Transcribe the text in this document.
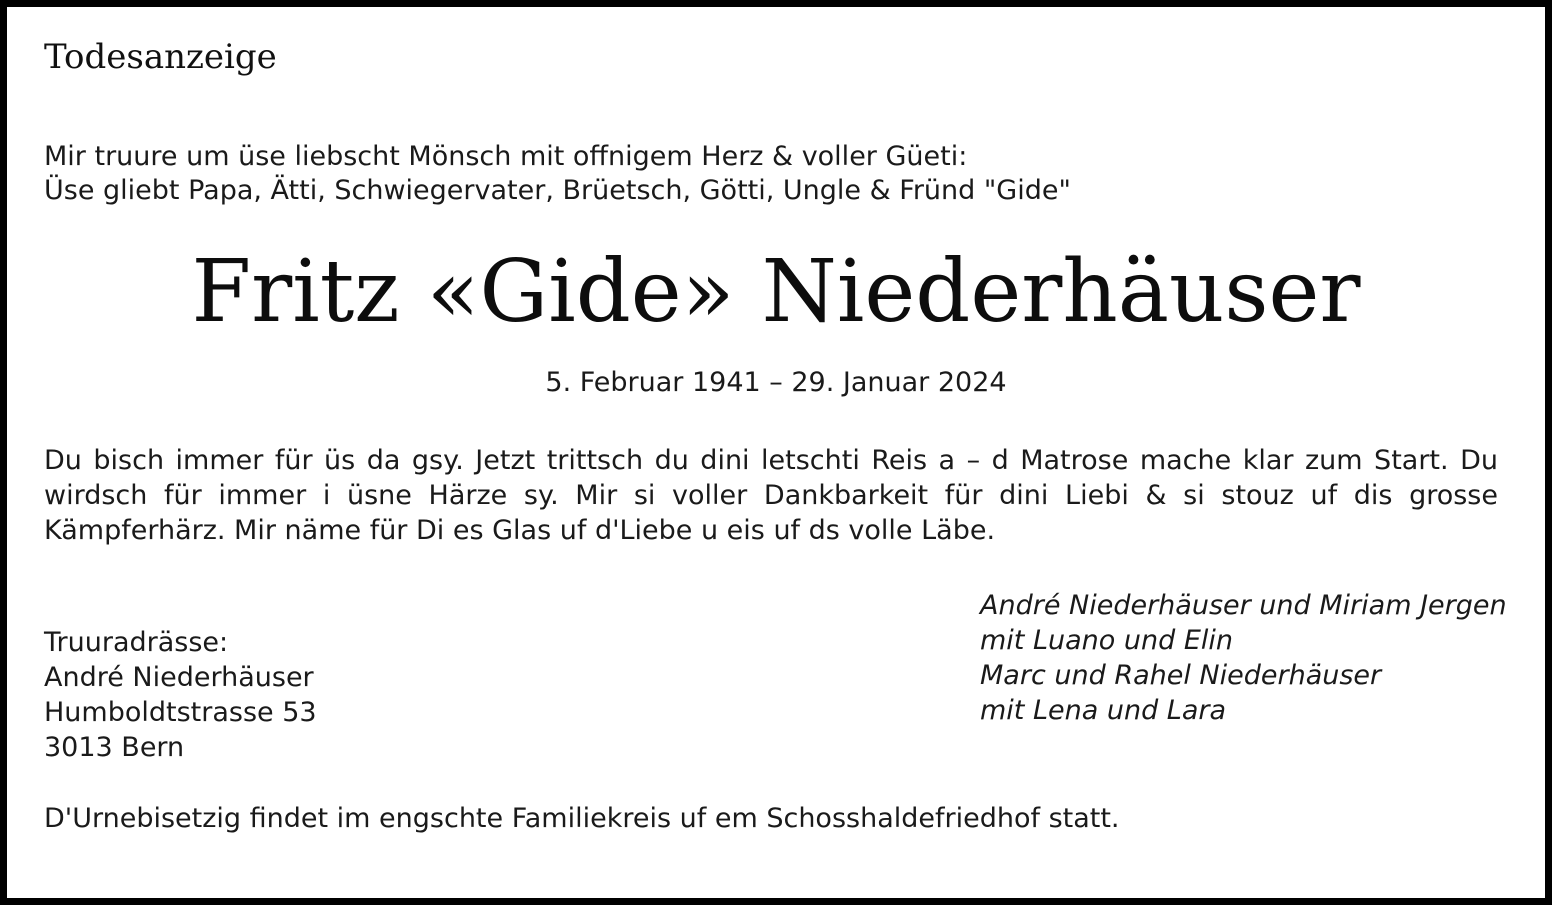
Todesanzeige
Mir truure um üse liebscht Mönsch mit offnigem Herz & voller Güeti:
Üse gliebt Papa, Ätti, Schwiegervater, Brüetsch, Götti, Ungle & Fründ "Gide"
Fritz «Gide» Niederhäuser
5. Februar 1941 – 29. Januar 2024
Du bisch immer für üs da gsy. Jetzt trittsch du dini letschti Reis a – d Matrose mache klar zum Start. Du wirdsch für immer i üsne Härze sy. Mir si voller Dankbarkeit für dini Liebi & si stouz uf dis grosse Kämpferhärz. Mir näme für Di es Glas uf d'Liebe u eis uf ds volle Läbe.
André Niederhäuser und Miriam Jergen
mit Luano und Elin
Marc und Rahel Niederhäuser
mit Lena und Lara
Truuradrässe:
André Niederhäuser
Humboldtstrasse 53
3013 Bern
D'Urnebisetzig findet im engschte Familiekreis uf em Schosshaldefriedhof statt.
